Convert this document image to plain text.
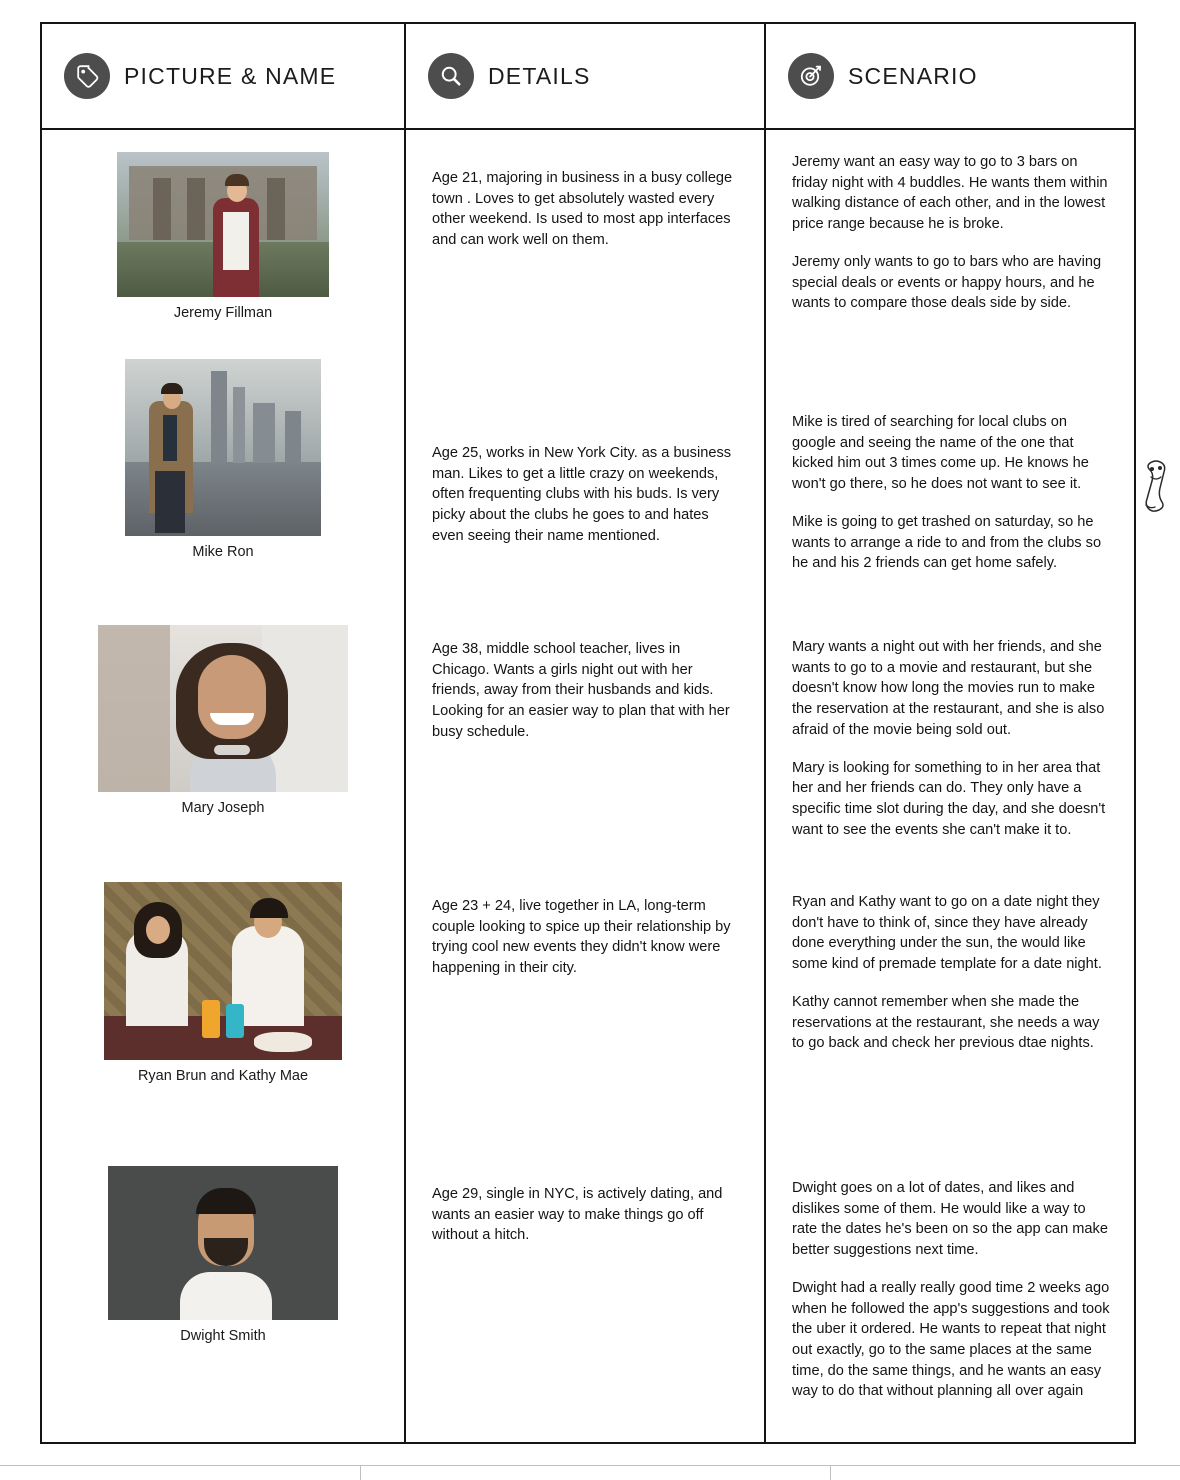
PICTURE & NAME	DETAILS	SCENARIO
Jeremy Fillman
Mike Ron
Mary Joseph
Ryan Brun and Kathy Mae
Dwight Smith
Age 21, majoring in business in a busy college town . Loves to get absolutely wasted every other weekend. Is used to most app interfaces and can work well on them.
Age 25, works in New York City. as a business man. Likes to get a little crazy on weekends, often frequenting clubs with his buds. Is very picky about the clubs he goes to and hates even seeing their name mentioned.
Age 38, middle school teacher, lives in Chicago. Wants a girls night out with her friends, away from their husbands and kids. Looking for an easier way to plan that with her busy schedule.
Age 23 + 24, live together in LA, long-term couple looking to spice up their relationship by trying cool new events they didn't know were happening in their city.
Age 29, single in NYC, is actively dating, and wants an easier way to make things go off without a hitch.
Jeremy want an easy way to go to 3 bars on friday night with 4 buddles. He wants them within walking distance of each other, and in the lowest price range because he is broke.
Jeremy only wants to go to bars who are having special deals or events or happy hours, and he wants to compare those deals side by side.
Mike is tired of searching for local clubs on google and seeing the name of the one that kicked him out 3 times come up. He knows he won't go there, so he does not want to see it.
Mike is going to get trashed on saturday, so he wants to arrange a ride to and from the clubs so he and his 2 friends can get home safely.
Mary wants a night out with her friends, and she wants to go to a movie and restaurant, but she doesn't know how long the movies run to make the reservation at the restaurant, and she is also afraid of the movie being sold out.
Mary is looking for something to in her area that her and her friends can do. They only have a specific time slot during the day, and she doesn't want to see the events she can't make it to.
Ryan and Kathy want to go on a date night they don't have to think of, since they have already done everything under the sun, the would like some kind of premade template for a date night.
Kathy cannot remember when she made the reservations at the restaurant, she needs a way to go back and check her previous dtae nights.
Dwight goes on a lot of dates, and likes and dislikes some of them. He would like a way to rate the dates he's been on so the app can make better suggestions next time.
Dwight had a really really good time 2 weeks ago when he followed the app's suggestions and took the uber it ordered. He wants to repeat that night out exactly, go to the same places at the same time, do the same things, and he wants an easy way to do that without planning all over again
